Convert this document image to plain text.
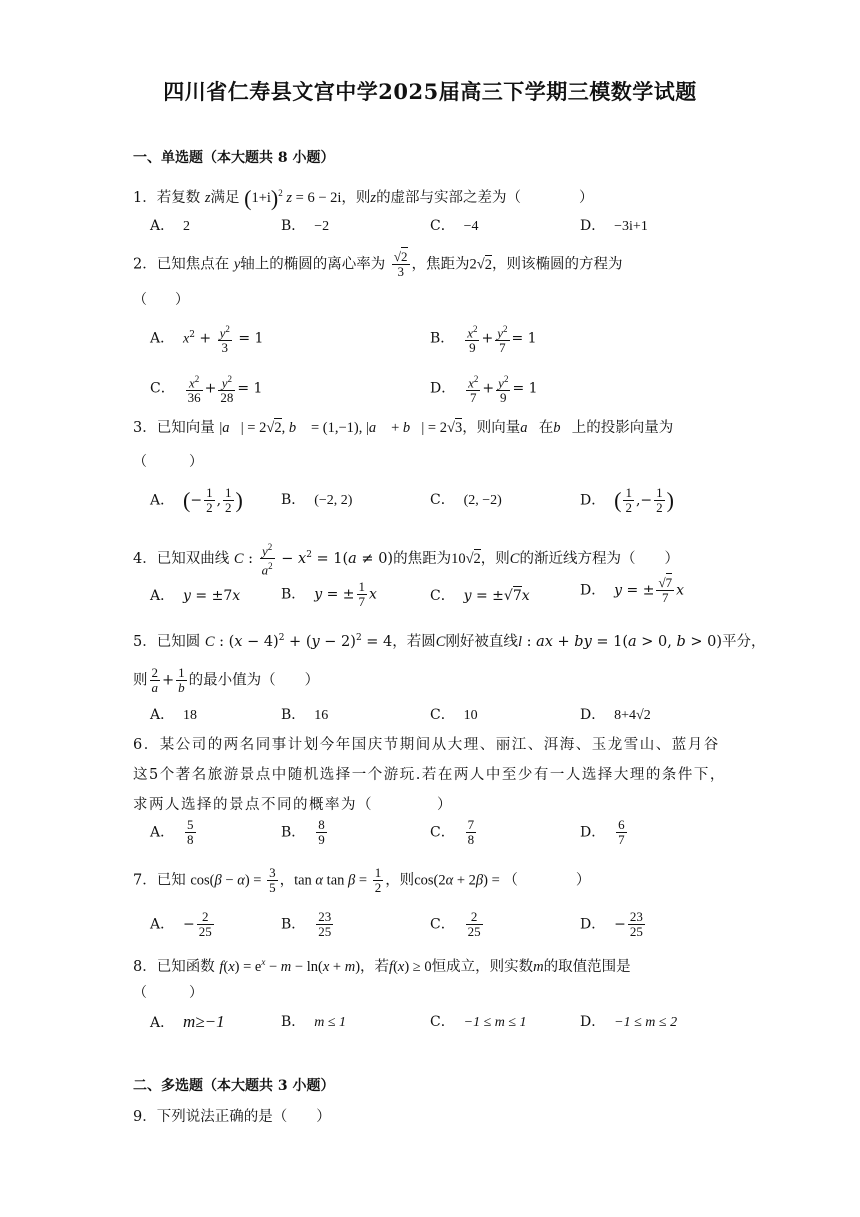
四川省仁寿县文宫中学2025届高三下学期三模数学试题
一、单选题（本大题共 8 小题）
1．若复数 z满足 $(1+i)^2$ z = 6 − 2i，则z的虚部与实部之差为（　　　　）
A． 2	B． −2	C． −4	D． −3i+1
2．已知焦点在 y轴上的椭圆的离心率为 $\frac{√2}{3}$ ，焦距为2√2，则该椭圆的方程为
（　　）
A． $x^2 + \frac{y^2}{3} = 1$	B． $\frac{x^2}{9} + \frac{y^2}{7} = 1$
C． $\frac{x^2}{36} + \frac{y^2}{28} = 1$	D． $\frac{x^2}{7} + \frac{y^2}{9} = 1$
3．已知向量 |a⃗| = 2√2, b⃗ = (1,−1), |a⃗ + b⃗| = 2√3，则向量a⃗在b⃗上的投影向量为
（　　　）
A． (− $\frac{1}{2}$ , $\frac{1}{2}$ )	B． (−2, 2)	C． (2, −2)	D． ( $\frac{1}{2}$ ,− $\frac{1}{2}$ )
4．已知双曲线 C : $\frac{y^2}{a^2} - x^2 = 1(a \ne 0)$的焦距为10√2，则C的渐近线方程为（　　）
A． y = ±7x	B． y = ± $\frac{1}{7}$ x	C． y = ±√7x	D． y = ± $\frac{√7}{7}$ x
5．已知圆 C : $(x - 4)^2 + (y - 2)^2 = 4$，若圆C刚好被直线l : ax + by = 1(a > 0, b > 0)平分，
则 $\frac{2}{a} + \frac{1}{b}$ 的最小值为（　　）
A． 18	B． 16	C． 10	D． 8+4√2
6．某公司的两名同事计划今年国庆节期间从大理、丽江、洱海、玉龙雪山、蓝月谷这5个著名旅游景点中随机选择一个游玩.若在两人中至少有一人选择大理的条件下，求两人选择的景点不同的概率为（　　　　）
A． $\frac{5}{8}$	B． $\frac{8}{9}$	C． $\frac{7}{8}$	D． $\frac{6}{7}$
7．已知 $\cos(\beta - \alpha) = \frac{3}{5}$ ，tan α $\tan \beta = \frac{1}{2}$ ，则cos(2α + 2β) = （　　　　）
A．  − $\frac{2}{25}$	B． $\frac{23}{25}$	C． $\frac{2}{25}$	D．  − $\frac{23}{25}$
8．已知函数 $f(x) = e^x - m - \ln(x + m)$，若f(x) ≥ 0恒成立，则实数m的取值范围是
（　　　）
A． m≥−1	B． m ≤ 1	C． −1 ≤ m ≤ 1	D． −1 ≤ m ≤ 2
二、多选题（本大题共 3 小题）
9．下列说法正确的是（　　）
